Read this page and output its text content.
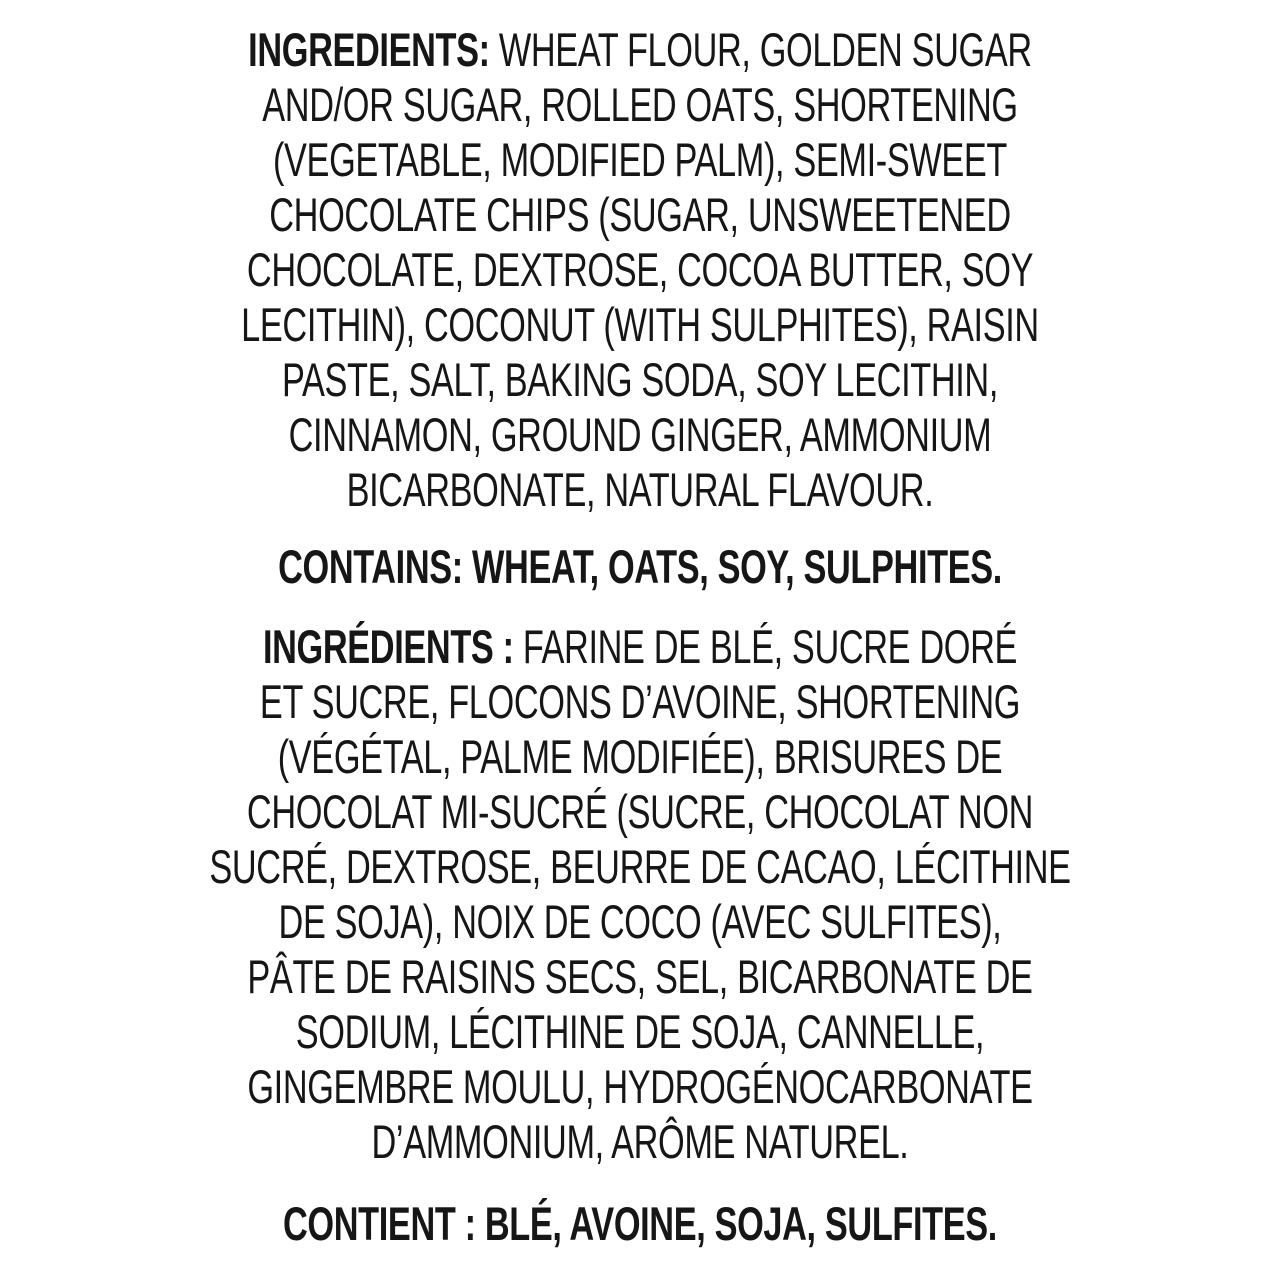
INGREDIENTS: WHEAT FLOUR, GOLDEN SUGAR
AND/OR SUGAR, ROLLED OATS, SHORTENING
(VEGETABLE, MODIFIED PALM), SEMI-SWEET
CHOCOLATE CHIPS (SUGAR, UNSWEETENED
CHOCOLATE, DEXTROSE, COCOA BUTTER, SOY
LECITHIN), COCONUT (WITH SULPHITES), RAISIN
PASTE, SALT, BAKING SODA, SOY LECITHIN,
CINNAMON, GROUND GINGER, AMMONIUM
BICARBONATE, NATURAL FLAVOUR.
CONTAINS: WHEAT, OATS, SOY, SULPHITES.
INGRÉDIENTS : FARINE DE BLÉ, SUCRE DORÉ
ET SUCRE, FLOCONS D’AVOINE, SHORTENING
(VÉGÉTAL, PALME MODIFIÉE), BRISURES DE
CHOCOLAT MI-SUCRÉ (SUCRE, CHOCOLAT NON
SUCRÉ, DEXTROSE, BEURRE DE CACAO, LÉCITHINE
DE SOJA), NOIX DE COCO (AVEC SULFITES),
PÂTE DE RAISINS SECS, SEL, BICARBONATE DE
SODIUM, LÉCITHINE DE SOJA, CANNELLE,
GINGEMBRE MOULU, HYDROGÉNOCARBONATE
D’AMMONIUM, ARÔME NATUREL.
CONTIENT : BLÉ, AVOINE, SOJA, SULFITES.
